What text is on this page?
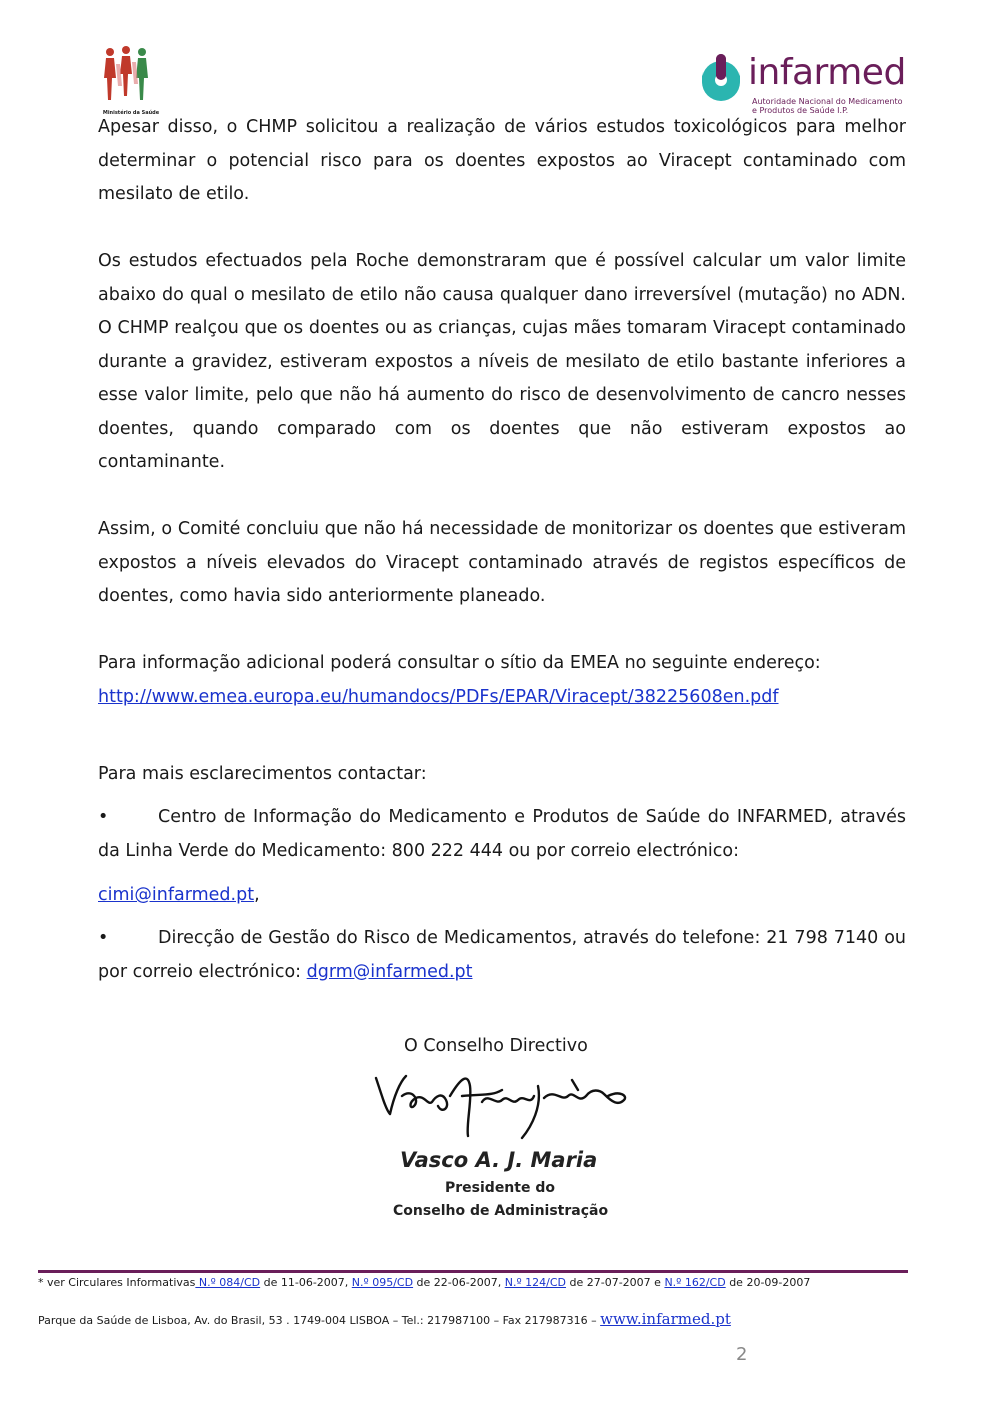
Ministério da Saúde
infarmed
Autoridade Nacional do Medicamento
e Produtos de Saúde I.P.

Apesar disso, o CHMP solicitou a realização de vários estudos toxicológicos para melhor determinar o potencial risco para os doentes expostos ao Viracept contaminado com mesilato de etilo.

Os estudos efectuados pela Roche demonstraram que é possível calcular um valor limite abaixo do qual o mesilato de etilo não causa qualquer dano irreversível (mutação) no ADN. O CHMP realçou que os doentes ou as crianças, cujas mães tomaram Viracept contaminado durante a gravidez, estiveram expostos a níveis de mesilato de etilo bastante inferiores a esse valor limite, pelo que não há aumento do risco de desenvolvimento de cancro nesses doentes, quando comparado com os doentes que não estiveram expostos ao contaminante.

Assim, o Comité concluiu que não há necessidade de monitorizar os doentes que estiveram expostos a níveis elevados do Viracept contaminado através de registos específicos de doentes, como havia sido anteriormente planeado.

Para informação adicional poderá consultar o sítio da EMEA no seguinte endereço:
http://www.emea.europa.eu/humandocs/PDFs/EPAR/Viracept/38225608en.pdf
Para mais esclarecimentos contactar:

•	Centro de Informação do Medicamento e Produtos de Saúde do INFARMED, através da Linha Verde do Medicamento: 800 222 444 ou por correio electrónico:

cimi@infarmed.pt,

•	Direcção de Gestão do Risco de Medicamentos, através do telefone: 21 798 7140 ou por correio electrónico: dgrm@infarmed.pt

O Conselho Directivo
Vasco A. J. Maria
Presidente do
Conselho de Administração
* ver Circulares Informativas N.º 084/CD de 11-06-2007, N.º 095/CD de 22-06-2007, N.º 124/CD de 27-07-2007 e N.º 162/CD de 20-09-2007
Parque da Saúde de Lisboa, Av. do Brasil, 53 . 1749-004 LISBOA – Tel.: 217987100 – Fax 217987316 – www.infarmed.pt
2
